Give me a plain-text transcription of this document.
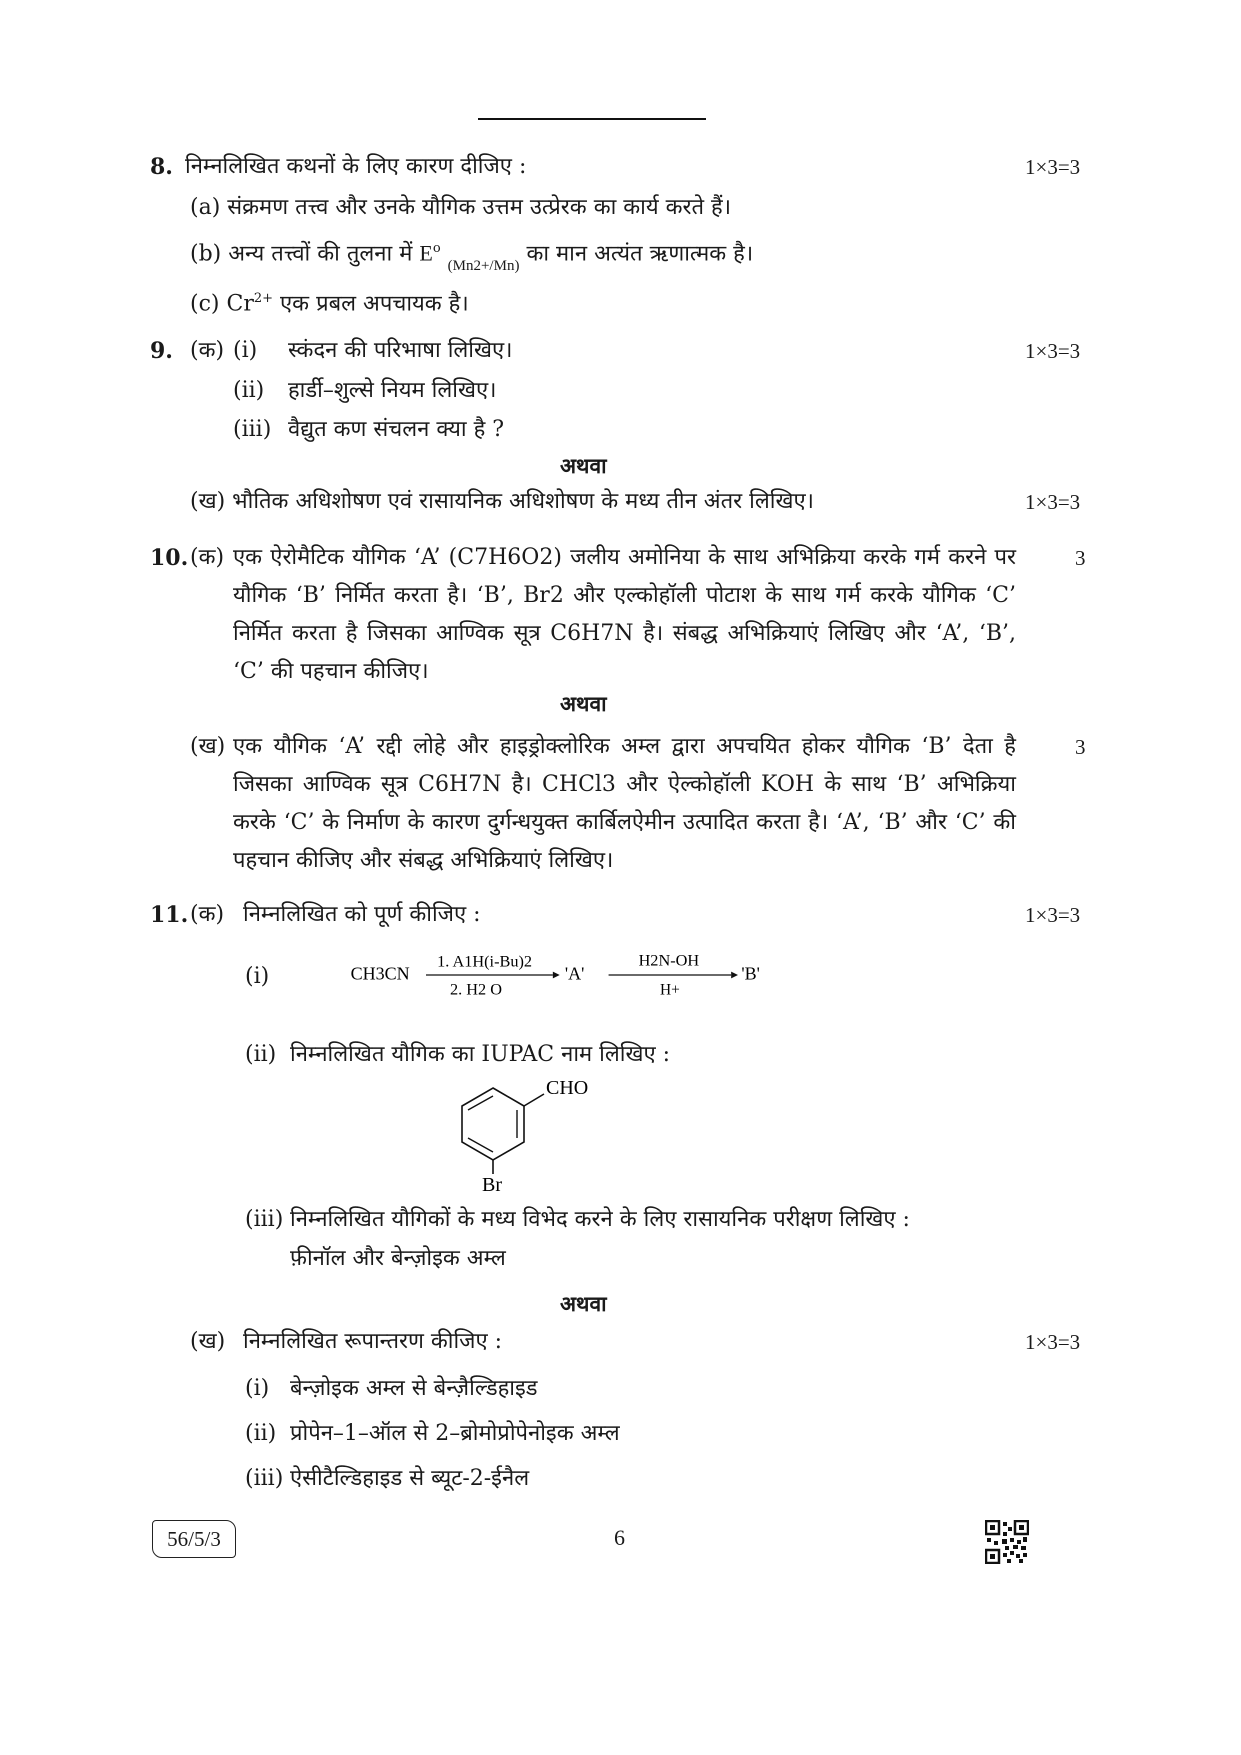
8. निम्नलिखित कथनों के लिए कारण दीजिए :	1×3=3
(a) संक्रमण तत्त्व और उनके यौगिक उत्तम उत्प्रेरक का कार्य करते हैं।
(b) अन्य तत्त्वों की तुलना में $E^o$ $_{(Mn2+/Mn)}$ का मान अत्यंत ऋणात्मक है।
(c) $Cr^{2+}$ एक प्रबल अपचायक है।
9. (क) (i) स्कंदन की परिभाषा लिखिए।	1×3=3
(ii) हार्डी–शुल्से नियम लिखिए।
(iii) वैद्युत कण संचलन क्या है ?
अथवा
(ख) भौतिक अधिशोषण एवं रासायनिक अधिशोषण के मध्य तीन अंतर लिखिए।	1×3=3
10. (क) एक ऐरोमैटिक यौगिक ‘A’ (C7H6O2) जलीय अमोनिया के साथ अभिक्रिया करके गर्म करने पर यौगिक ‘B’ निर्मित करता है। ‘B’, Br2 और एल्कोहॉली पोटाश के साथ गर्म करके यौगिक ‘C’ निर्मित करता है जिसका आण्विक सूत्र C6H7N है। संबद्ध अभिक्रियाएं लिखिए और ‘A’, ‘B’, ‘C’ की पहचान कीजिए।
3
अथवा
(ख) एक यौगिक ‘A’ रद्दी लोहे और हाइड्रोक्लोरिक अम्ल द्वारा अपचयित होकर यौगिक ‘B’ देता है जिसका आण्विक सूत्र C6H7N है। CHCl3 और ऐल्कोहॉली KOH के साथ ‘B’ अभिक्रिया करके ‘C’ के निर्माण के कारण दुर्गन्धयुक्त कार्बिलऐमीन उत्पादित करता है। ‘A’, ‘B’ और ‘C’ की पहचान कीजिए और संबद्ध अभिक्रियाएं लिखिए।
3
11. (क) निम्नलिखित को पूर्ण कीजिए :	1×3=3
(i)	CH3CN
1. A1H(i-Bu)2
2. H2 O
'A'
H2N-OH
H+
'B'
(ii) निम्नलिखित यौगिक का IUPAC नाम लिखिए :
CHO
Br
(iii) निम्नलिखित यौगिकों के मध्य विभेद करने के लिए रासायनिक परीक्षण लिखिए :
फ़ीनॉल और बेन्ज़ोइक अम्ल
अथवा
(ख) निम्नलिखित रूपान्तरण कीजिए :	1×3=3
(i) बेन्ज़ोइक अम्ल से बेन्ज़ैल्डिहाइड
(ii) प्रोपेन–1–ऑल से 2–ब्रोमोप्रोपेनोइक अम्ल
(iii) ऐसीटैल्डिहाइड से ब्यूट-2-ईनैल
56/5/3	6
